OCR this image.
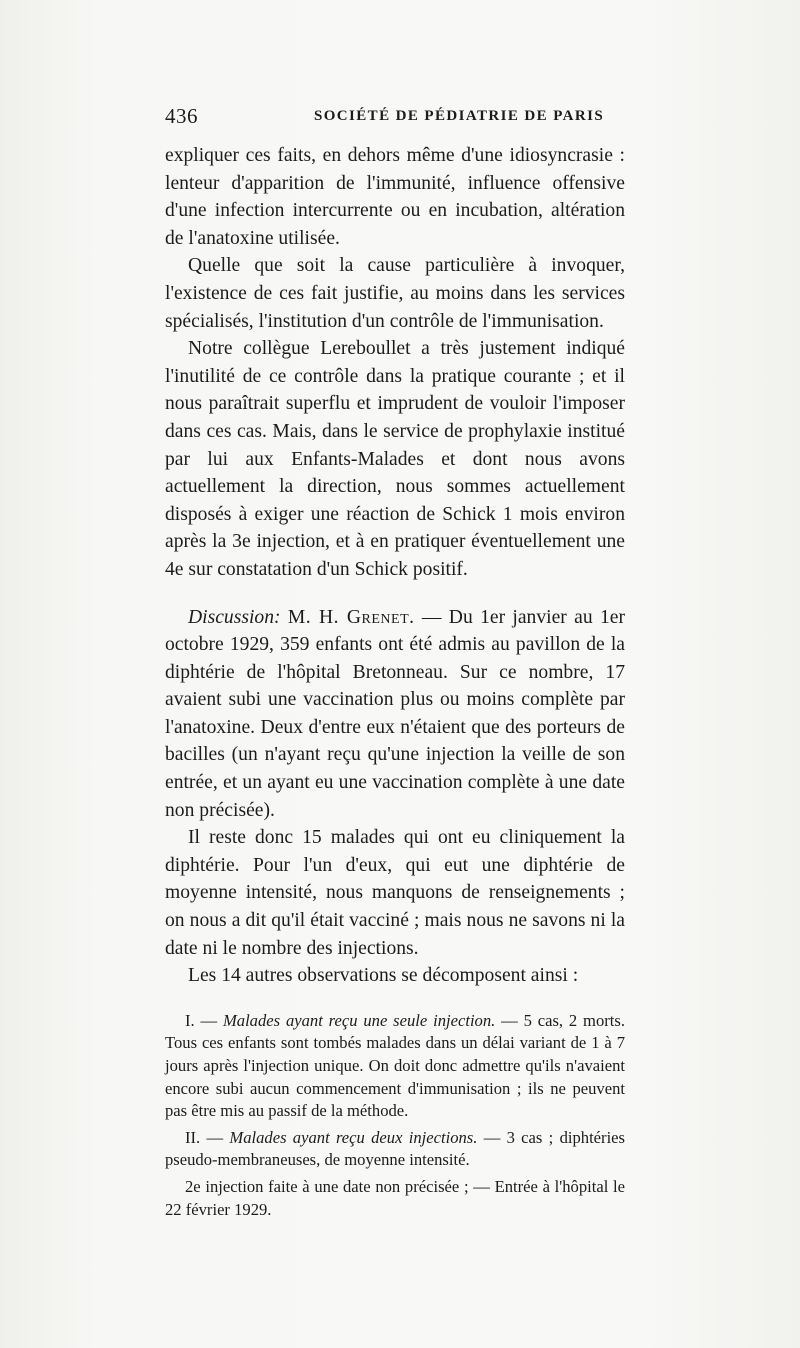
436	SOCIÉTÉ DE PÉDIATRIE DE PARIS

expliquer ces faits, en dehors même d'une idiosyncrasie : lenteur d'apparition de l'immunité, influence offensive d'une infection intercurrente ou en incubation, altération de l'anatoxine utilisée.

Quelle que soit la cause particulière à invoquer, l'existence de ces fait justifie, au moins dans les services spécialisés, l'institution d'un contrôle de l'immunisation.

Notre collègue Lereboullet a très justement indiqué l'inutilité de ce contrôle dans la pratique courante ; et il nous paraîtrait superflu et imprudent de vouloir l'imposer dans ces cas. Mais, dans le service de prophylaxie institué par lui aux Enfants-Malades et dont nous avons actuellement la direction, nous sommes actuellement disposés à exiger une réaction de Schick 1 mois environ après la 3e injection, et à en pratiquer éventuellement une 4e sur constatation d'un Schick positif.

Discussion: M. H. Grenet. — Du 1er janvier au 1er octobre 1929, 359 enfants ont été admis au pavillon de la diphtérie de l'hôpital Bretonneau. Sur ce nombre, 17 avaient subi une vaccination plus ou moins complète par l'anatoxine. Deux d'entre eux n'étaient que des porteurs de bacilles (un n'ayant reçu qu'une injection la veille de son entrée, et un ayant eu une vaccination complète à une date non précisée).

Il reste donc 15 malades qui ont eu cliniquement la diphtérie. Pour l'un d'eux, qui eut une diphtérie de moyenne intensité, nous manquons de renseignements ; on nous a dit qu'il était vacciné ; mais nous ne savons ni la date ni le nombre des injections.

Les 14 autres observations se décomposent ainsi :

I. — Malades ayant reçu une seule injection. — 5 cas, 2 morts. Tous ces enfants sont tombés malades dans un délai variant de 1 à 7 jours après l'injection unique. On doit donc admettre qu'ils n'avaient encore subi aucun commencement d'immunisation ; ils ne peuvent pas être mis au passif de la méthode.

II. — Malades ayant reçu deux injections. — 3 cas ; diphtéries pseudo-membraneuses, de moyenne intensité.

2e injection faite à une date non précisée ; — Entrée à l'hôpital le 22 février 1929.
